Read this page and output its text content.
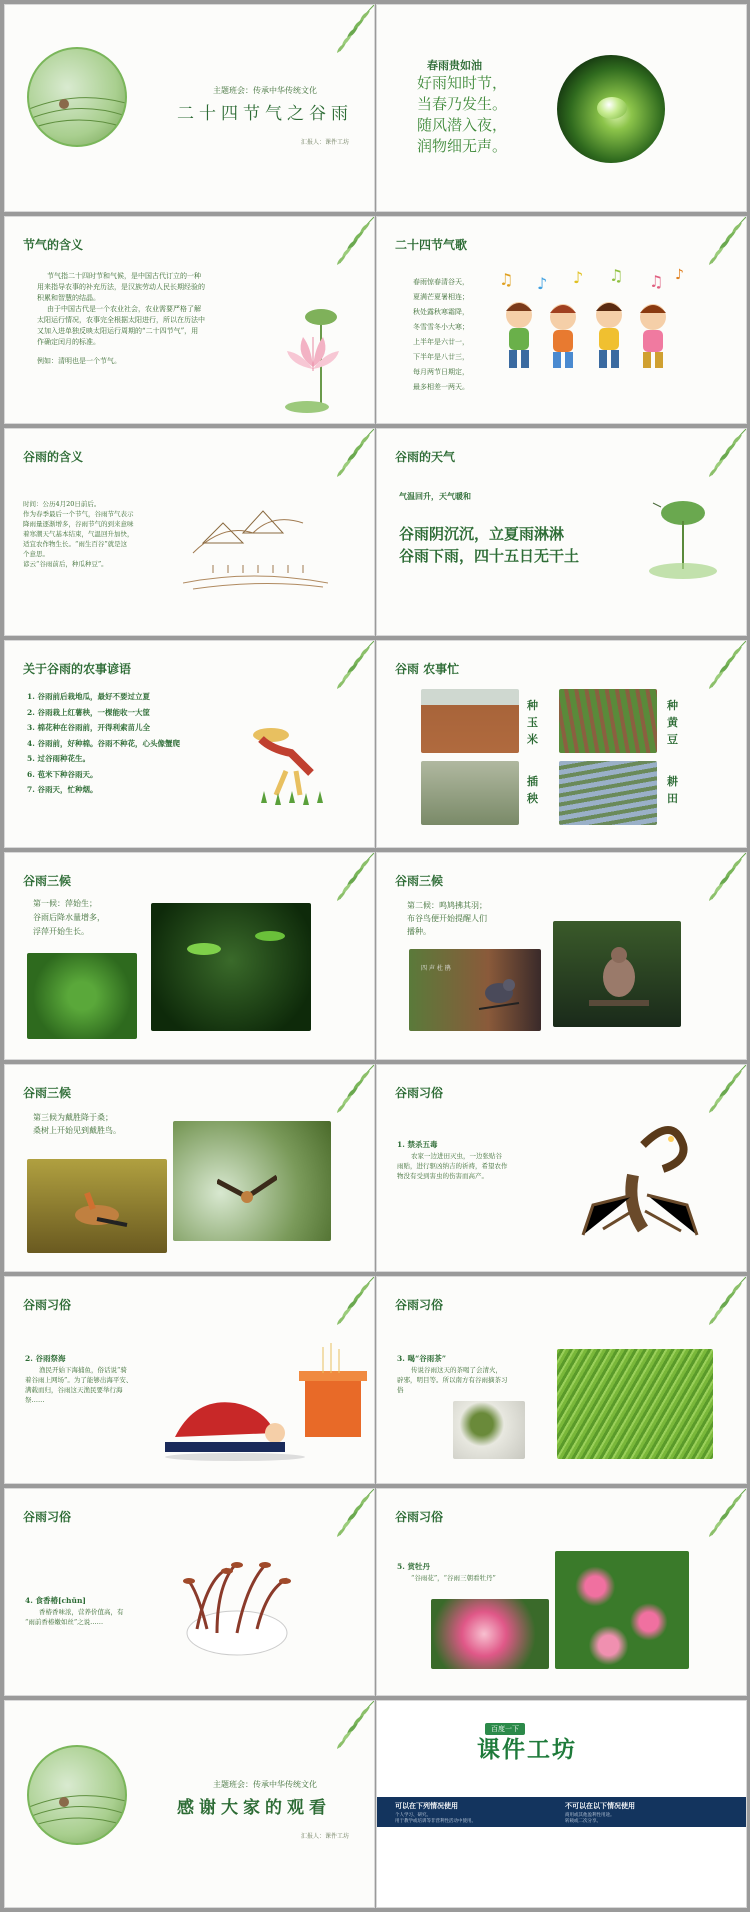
主题班会：传承中华传统文化
二十四节气之谷雨
汇报人：课件工坊
春雨贵如油
好雨知时节，
当春乃发生。
随风潜入夜，
润物细无声。
节气的含义
节气指二十四时节和气候，是中国古代订立的一种
用来指导农事的补充历法，是汉族劳动人民长期经验的
积累和智慧的结晶。
由于中国古代是一个农业社会，农业需要严格了解
太阳运行情况，农事完全根据太阳进行，所以在历法中
又加入进单独反映太阳运行周期的“二十四节气”，用
作确定闰月的标准。
例如：清明也是一个节气。
二十四节气歌
春雨惊春清谷天，
夏满芒夏暑相连；
秋处露秋寒霜降，
冬雪雪冬小大寒；
上半年是六廿一，
下半年是八廿三，
每月两节日期定，
最多相差一两天。
♫ ♪ ♪ ♫ ♫ ♪
谷雨的含义
时间：公历4月20日前后。
作为春季最后一个节气，谷雨节气表示
降雨量逐渐增多，谷雨节气的到来意味
着寒潮天气基本结束，气温回升加快，
适宜农作物生长。“雨生百谷”就是这
个意思。
谚云“谷雨前后，种瓜种豆”。
谷雨的天气
气温回升，天气暖和
谷雨阴沉沉，立夏雨淋淋
谷雨下雨，四十五日无干土
关于谷雨的农事谚语
1. 谷雨前后栽地瓜，最好不要过立夏
2. 谷雨栽上红薯秧，一棵能收一大筐
3. 棉花种在谷雨前，开得利索苗儿全
4. 谷雨前，好种棉。谷雨不种花，心头像蟹爬
5. 过谷雨种花生。
6. 苞米下种谷雨天。
7. 谷雨天，忙种烟。
谷雨 农事忙
种玉米
种黄豆
插秧
耕田
谷雨三候
第一候：萍始生；
谷雨后降水量增多，
浮萍开始生长。
谷雨三候
第二候：鸣鸠拂其羽；
布谷鸟便开始提醒人们
播种。
四 声 杜 鹃
谷雨三候
第三候为戴胜降于桑；
桑树上开始见到戴胜鸟。
谷雨习俗
1. 禁杀五毒
农家一边进田灭虫，一边张贴谷
雨贴，进行驱凶纳吉的祈祷，希望农作
物没有受到害虫的伤害而高产。
谷雨习俗
2. 谷雨祭海
渔民开始下海捕鱼，俗话说“骑
着谷雨上网场”。为了能够出海平安、
满载而归，谷雨这天渔民要举行海
祭……
谷雨习俗
3. 喝“谷雨茶”
传说谷雨这天的茶喝了会清火，
辟邪，明目等。所以南方有谷雨摘茶习
俗
谷雨习俗
4. 食香椿[chūn]
香椿香味浓，营养价值高，有
“雨前香椿嫩如丝”之说……
谷雨习俗
5. 赏牡丹
“谷雨花”，“谷雨三朝看牡丹”
主题班会：传承中华传统文化
感谢大家的观看
汇报人：课件工坊
百度一下
课件工坊
可以在下列情况使用
个人学习、研究。
用于教学或培训等非营利性活动中使用。
不可以在以下情况使用
商用或其他盈利性用途。
转载或二次分享。
